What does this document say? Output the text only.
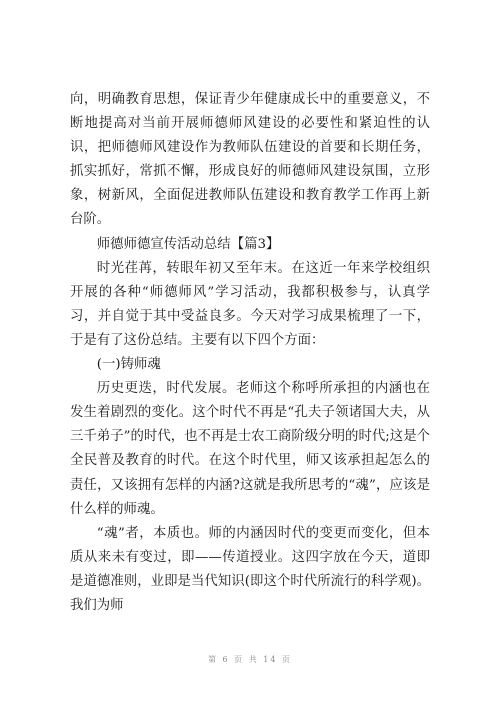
向，明确教育思想，保证青少年健康成长中的重要意义，不断地提高对当前开展师德师风建设的必要性和紧迫性的认识，把师德师风建设作为教师队伍建设的首要和长期任务，抓实抓好，常抓不懈，形成良好的师德师风建设氛围，立形象，树新风，全面促进教师队伍建设和教育教学工作再上新台阶。

师德师德宣传活动总结【篇3】

时光荏苒，转眼年初又至年末。在这近一年来学校组织开展的各种“师德师风”学习活动，我都积极参与，认真学习，并自觉于其中受益良多。今天对学习成果梳理了一下，于是有了这份总结。主要有以下四个方面：

(一)铸师魂

历史更迭，时代发展。老师这个称呼所承担的内涵也在发生着剧烈的变化。这个时代不再是“孔夫子领诸国大夫，从三千弟子”的时代，也不再是士农工商阶级分明的时代;这是个全民普及教育的时代。在这个时代里，师又该承担起怎么的责任，又该拥有怎样的内涵?这就是我所思考的“魂”，应该是什么样的师魂。

“魂”者，本质也。师的内涵因时代的变更而变化，但本质从来未有变过，即——传道授业。这四字放在今天，道即是道德准则，业即是当代知识(即这个时代所流行的科学观)。我们为师

第 6 页 共 14 页
